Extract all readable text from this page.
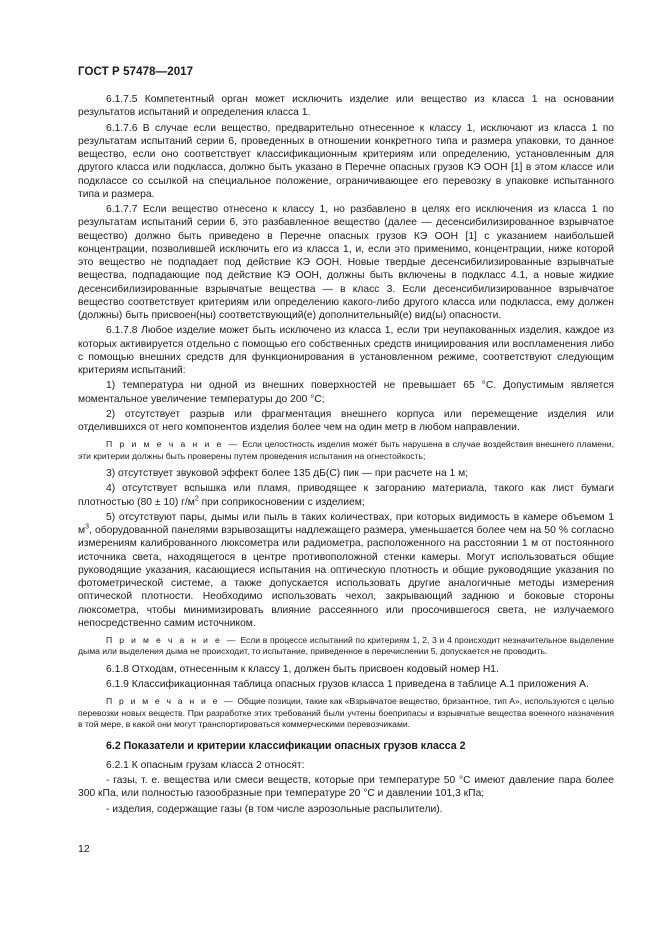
ГОСТ Р 57478—2017

6.1.7.5 Компетентный орган может исключить изделие или вещество из класса 1 на основании результатов испытаний и определения класса 1.

6.1.7.6 В случае если вещество, предварительно отнесенное к классу 1, исключают из класса 1 по результатам испытаний серии 6, проведенных в отношении конкретного типа и размера упаковки, то данное вещество, если оно соответствует классификационным критериям или определению, установленным для другого класса или подкласса, должно быть указано в Перечне опасных грузов КЭ ООН [1] в этом классе или подклассе со ссылкой на специальное положение, ограничивающее его перевозку в упаковке испытанного типа и размера.

6.1.7.7 Если вещество отнесено к классу 1, но разбавлено в целях его исключения из класса 1 по результатам испытаний серии 6, это разбавленное вещество (далее — десенсибилизированное взрывчатое вещество) должно быть приведено в Перечне опасных грузов КЭ ООН [1] с указанием наибольшей концентрации, позволившей исключить его из класса 1, и, если это применимо, концентрации, ниже которой это вещество не подпадает под действие КЭ ООН. Новые твердые десенсибилизированные взрывчатые вещества, подпадающие под действие КЭ ООН, должны быть включены в подкласс 4.1, а новые жидкие десенсибилизированные взрывчатые вещества — в класс 3. Если десенсибилизированное взрывчатое вещество соответствует критериям или определению какого-либо другого класса или подкласса, ему должен (должны) быть присвоен(ны) соответствующий(е) дополнительный(е) вид(ы) опасности.

6.1.7.8 Любое изделие может быть исключено из класса 1, если три неупакованных изделия, каждое из которых активируется отдельно с помощью его собственных средств инициирования или воспламенения либо с помощью внешних средств для функционирования в установленном режиме, соответствуют следующим критериям испытаний:

1) температура ни одной из внешних поверхностей не превышает 65 °С. Допустимым является моментальное увеличение температуры до 200 °С;

2) отсутствует разрыв или фрагментация внешнего корпуса или перемещение изделия или отделившихся от него компонентов изделия более чем на один метр в любом направлении.

П р и м е ч а н и е — Если целостность изделия может быть нарушена в случае воздействия внешнего пламени, эти критерии должны быть проверены путем проведения испытания на огнестойкость;

3) отсутствует звуковой эффект более 135 дБ(С) пик — при расчете на 1 м;

4) отсутствует вспышка или пламя, приводящее к загоранию материала, такого как лист бумаги плотностью (80 ± 10) $г/м^2$ при соприкосновении с изделием;

5) отсутствуют пары, дымы или пыль в таких количествах, при которых видимость в камере объемом 1 $м^3$, оборудованной панелями взрывозащиты надлежащего размера, уменьшается более чем на 50 % согласно измерениям калиброванного люксометра или радиометра, расположенного на расстоянии 1 м от постоянного источника света, находящегося в центре противоположной стенки камеры. Могут использоваться общие руководящие указания, касающиеся испытания на оптическую плотность и общие руководящие указания по фотометрической системе, а также допускается использовать другие аналогичные методы измерения оптической плотности. Необходимо использовать чехол, закрывающий заднюю и боковые стороны люксометра, чтобы минимизировать влияние рассеянного или просочившегося света, не излучаемого непосредственно самим источником.

П р и м е ч а н и е — Если в процессе испытаний по критериям 1, 2, 3 и 4 происходит незначительное выделение дыма или выделения дыма не происходит, то испытание, приведенное в перечислении 5, допускается не проводить.

6.1.8 Отходам, отнесенным к классу 1, должен быть присвоен кодовый номер H1.

6.1.9 Классификационная таблица опасных грузов класса 1 приведена в таблице А.1 приложения А.

П р и м е ч а н и е — Общие позиции, такие как «Взрывчатое вещество, бризантное, тип А», используются с целью перевозки новых веществ. При разработке этих требований были учтены боеприпасы и взрывчатые вещества военного назначения в той мере, в какой они могут транспортироваться коммерческими перевозчиками.

6.2 Показатели и критерии классификации опасных грузов класса 2

6.2.1 К опасным грузам класса 2 относят:

- газы, т. е. вещества или смеси веществ, которые при температуре 50 °С имеют давление пара более 300 кПа, или полностью газообразные при температуре 20 °С и давлении 101,3 кПа;

- изделия, содержащие газы (в том числе аэрозольные распылители).

12
